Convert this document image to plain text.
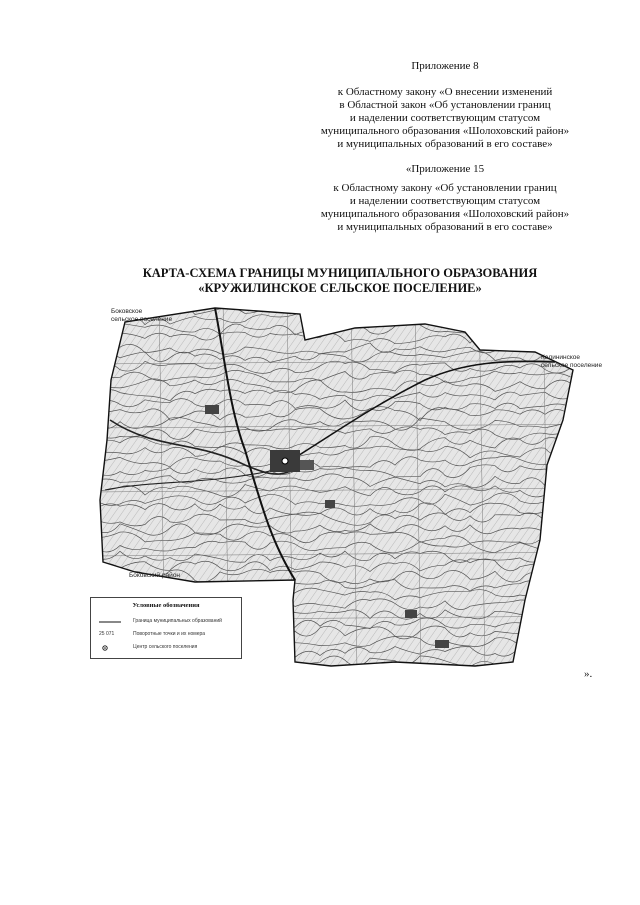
Приложение 8
к Областному закону «О внесении изменений
в Областной закон «Об установлении границ
и наделении соответствующим статусом
муниципального образования «Шолоховский район»
и муниципальных образований в его составе»
«Приложение 15
к Областному закону «Об установлении границ
и наделении соответствующим статусом
муниципального образования «Шолоховский район»
и муниципальных образований в его составе»
КАРТА-СХЕМА ГРАНИЦЫ МУНИЦИПАЛЬНОГО ОБРАЗОВАНИЯ
«КРУЖИЛИНСКОЕ СЕЛЬСКОЕ ПОСЕЛЕНИЕ»
Боковское
сельское поселение
Калининское
сельское поселение
Боковский район
Условные обозначения
Граница муниципальных образований
25 071	Поворотные точки и их номера
Центр сельского поселения
».
